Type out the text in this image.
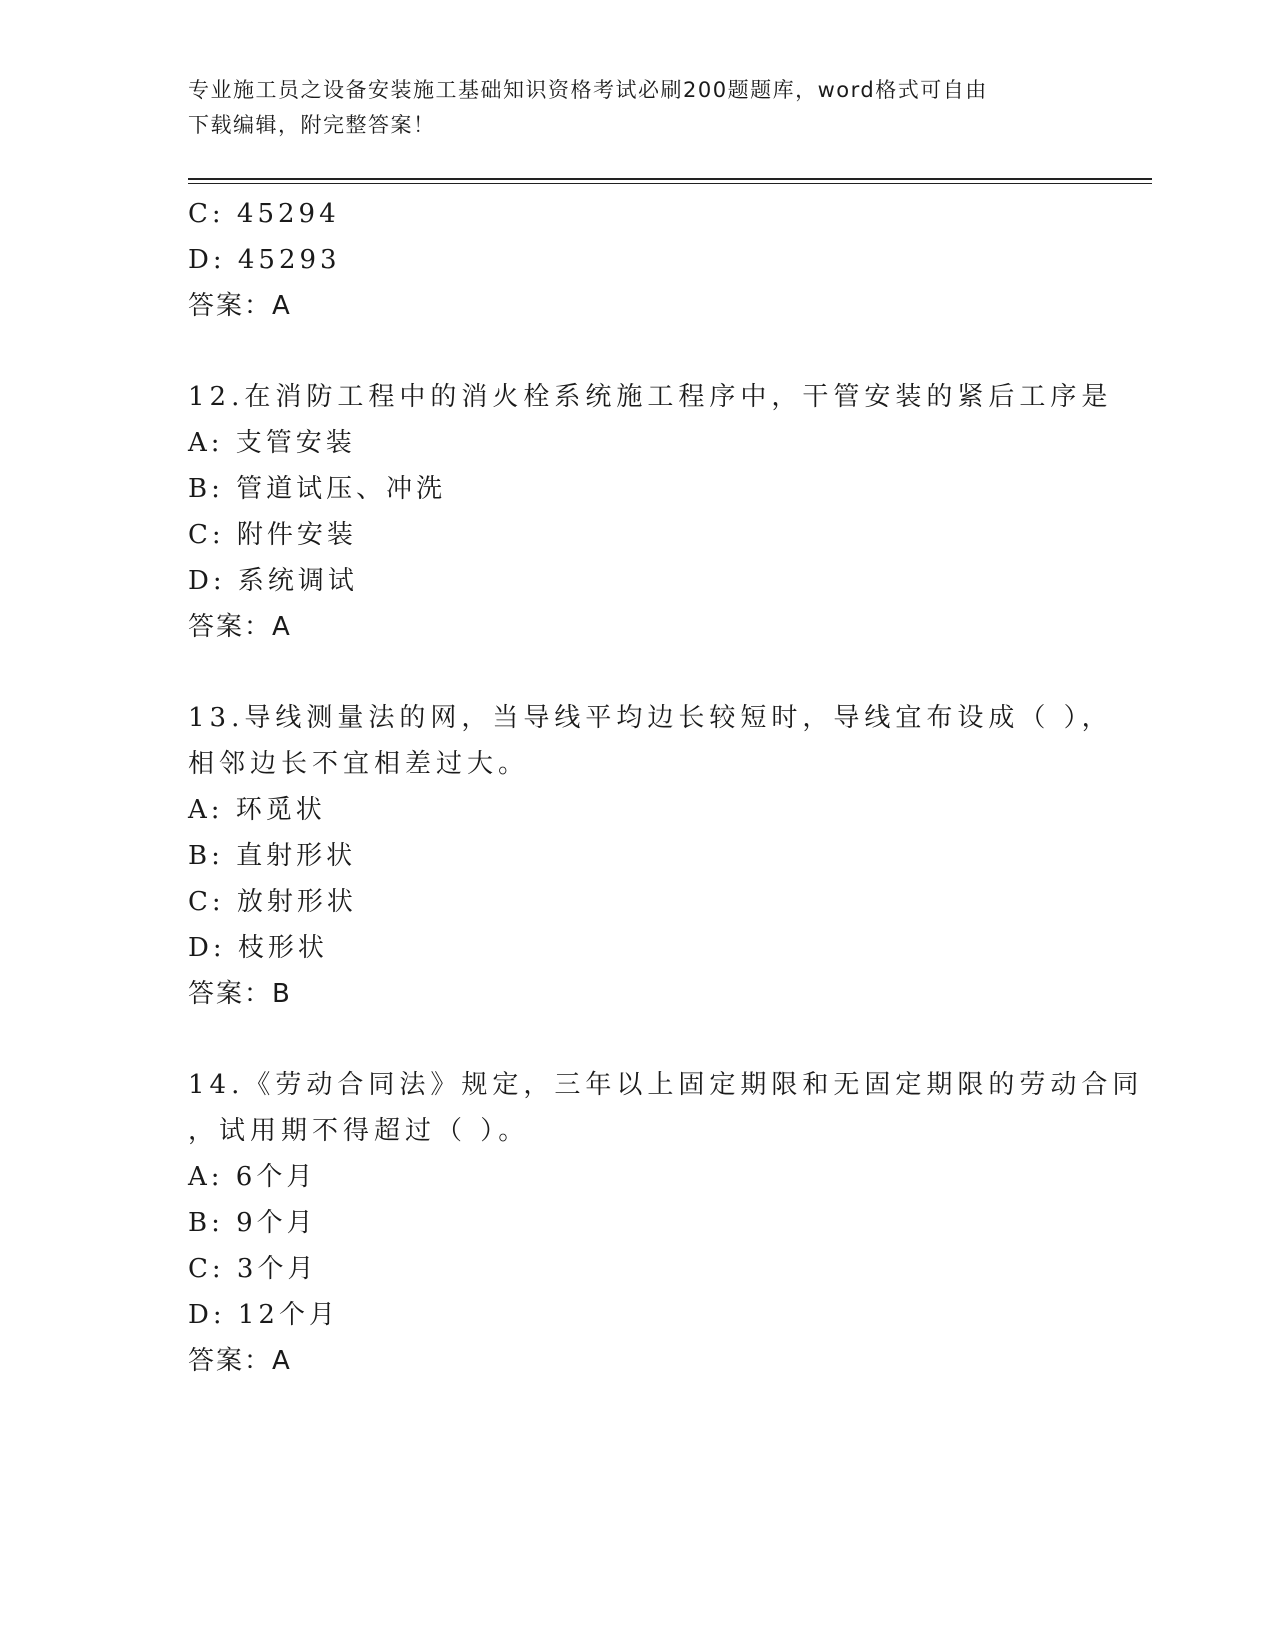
专业施工员之设备安装施工基础知识资格考试必刷200题题库，word格式可自由
下载编辑，附完整答案！
C: 45294
D: 45293
答案：A
12.在消防工程中的消火栓系统施工程序中，干管安装的紧后工序是
A: 支管安装
B: 管道试压、冲洗
C: 附件安装
D: 系统调试
答案：A
13.导线测量法的网，当导线平均边长较短时，导线宜布设成（ ），
相邻边长不宜相差过大。
A: 环觅状
B: 直射形状
C: 放射形状
D: 枝形状
答案：B
14.《劳动合同法》规定，三年以上固定期限和无固定期限的劳动合同
，试用期不得超过（ ）。
A: 6个月
B: 9个月
C: 3个月
D: 12个月
答案：A
